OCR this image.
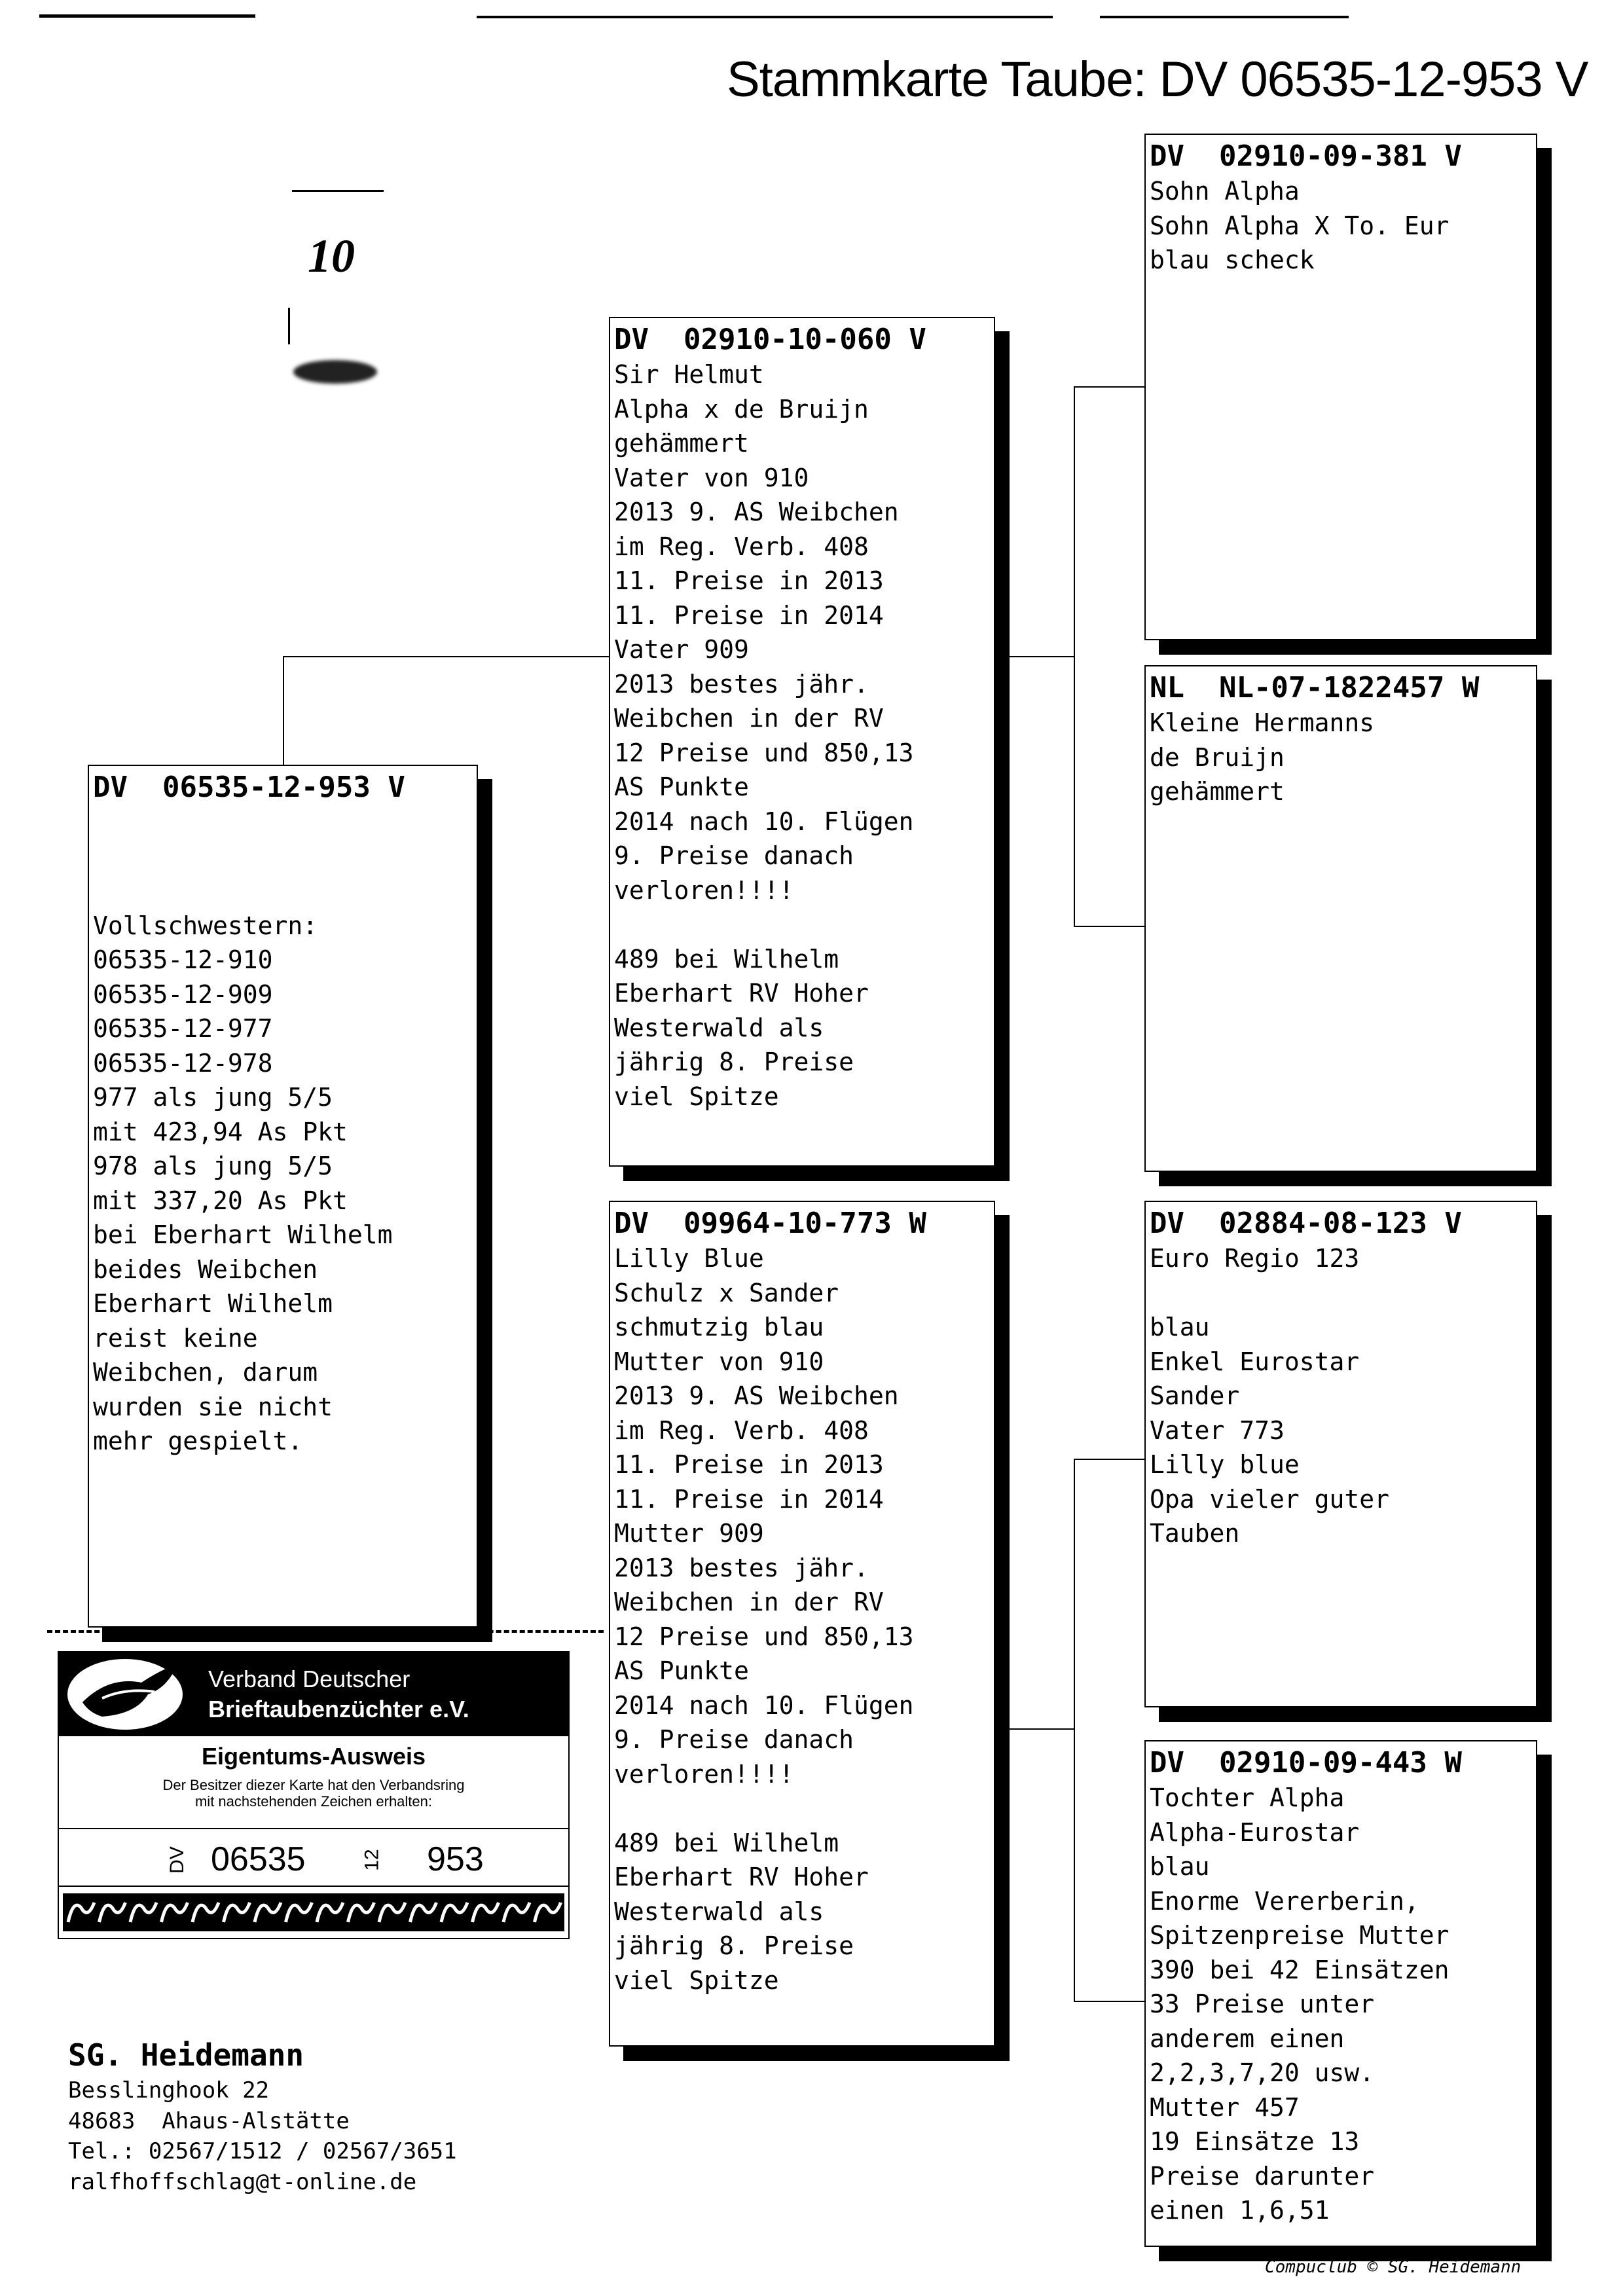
Stammkarte Taube: DV 06535-12-953 V
10
DV  06535-12-953 V

Vollschwestern:
06535-12-910
06535-12-909
06535-12-977
06535-12-978
977 als jung 5/5
mit 423,94 As Pkt
978 als jung 5/5
mit 337,20 As Pkt
bei Eberhart Wilhelm
beides Weibchen
Eberhart Wilhelm
reist keine
Weibchen, darum
wurden sie nicht
mehr gespielt.
DV  02910-10-060 V
Sir Helmut
Alpha x de Bruijn
gehämmert
Vater von 910
2013 9. AS Weibchen
im Reg. Verb. 408
11. Preise in 2013
11. Preise in 2014
Vater 909
2013 bestes jähr.
Weibchen in der RV
12 Preise und 850,13
AS Punkte
2014 nach 10. Flügen
9. Preise danach
verloren!!!!

489 bei Wilhelm
Eberhart RV Hoher
Westerwald als
jährig 8. Preise
viel Spitze
DV  09964-10-773 W
Lilly Blue
Schulz x Sander
schmutzig blau
Mutter von 910
2013 9. AS Weibchen
im Reg. Verb. 408
11. Preise in 2013
11. Preise in 2014
Mutter 909
2013 bestes jähr.
Weibchen in der RV
12 Preise und 850,13
AS Punkte
2014 nach 10. Flügen
9. Preise danach
verloren!!!!

489 bei Wilhelm
Eberhart RV Hoher
Westerwald als
jährig 8. Preise
viel Spitze
DV  02910-09-381 V
Sohn Alpha
Sohn Alpha X To. Eur
blau scheck
NL  NL-07-1822457 W
Kleine Hermanns
de Bruijn
gehämmert
DV  02884-08-123 V
Euro Regio 123

blau
Enkel Eurostar
Sander
Vater 773
Lilly blue
Opa vieler guter
Tauben
DV  02910-09-443 W
Tochter Alpha
Alpha-Eurostar
blau
Enorme Vererberin,
Spitzenpreise Mutter
390 bei 42 Einsätzen
33 Preise unter
anderem einen
2,2,3,7,20 usw.
Mutter 457
19 Einsätze 13
Preise darunter
einen 1,6,51
Verband Deutscher
Brieftaubenzüchter e.V.
Eigentums-Ausweis
Der Besitzer diezer Karte hat den Verbandsring
mit nachstehenden Zeichen erhalten:
DV 06535	12 953
SG. Heidemann
Besslinghook 22
48683  Ahaus-Alstätte
Tel.: 02567/1512 / 02567/3651
ralfhoffschlag@t-online.de
Compuclub © SG. Heidemann
